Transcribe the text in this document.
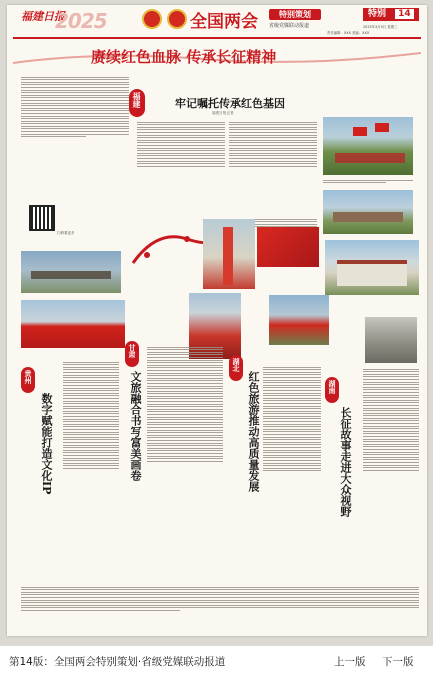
福建日报
2025	全国两会	特别策划
省级党媒联动报道
特别 14
2025年3月5日 星期三
责任编辑：XXX 美编：XXX
赓续红色血脉 传承长征精神
扫码看更多
福建	牢记嘱托传承红色基因
福建日报记者
贵州
数字赋能打造文化IP
甘肃
文旅融合书写富美画卷
湖北
红色旅游推动高质量发展	湖南
长征故事走进大众视野
第14版：全国两会特别策划·省级党媒联动报道	上一版 下一版
